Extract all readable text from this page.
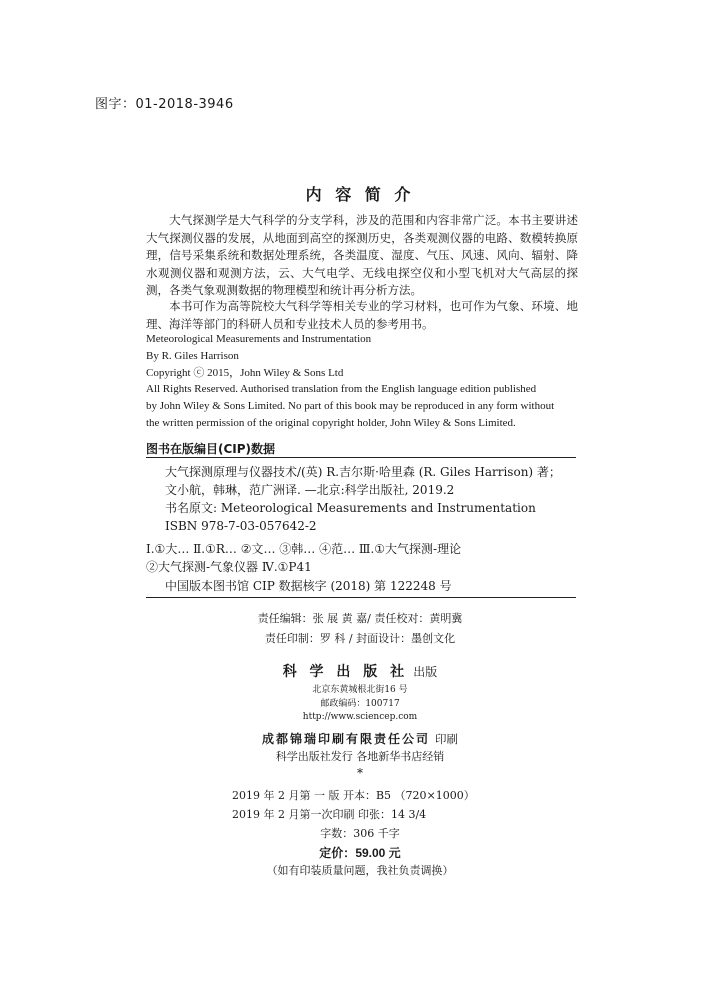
图字：01-2018-3946
内 容 简 介
大气探测学是大气科学的分支学科，涉及的范围和内容非常广泛。本书主要讲述大气探测仪器的发展，从地面到高空的探测历史，各类观测仪器的电路、数模转换原理，信号采集系统和数据处理系统，各类温度、湿度、气压、风速、风向、辐射、降水观测仪器和观测方法，云、大气电学、无线电探空仪和小型飞机对大气高层的探测，各类气象观测数据的物理模型和统计再分析方法。
本书可作为高等院校大气科学等相关专业的学习材料，也可作为气象、环境、地理、海洋等部门的科研人员和专业技术人员的参考用书。
Meteorological Measurements and Instrumentation
By R. Giles Harrison
Copyright ⓒ 2015，John Wiley & Sons Ltd
All Rights Reserved. Authorised translation from the English language edition published
by John Wiley & Sons Limited. No part of this book may be reproduced in any form without
the written permission of the original copyright holder, John Wiley & Sons Limited.
图书在版编目(CIP)数据
大气探测原理与仪器技术/(英) R.吉尔斯·哈里森 (R. Giles Harrison) 著；
文小航，韩琳，范广洲译. —北京:科学出版社, 2019.2
书名原文: Meteorological Measurements and Instrumentation
ISBN 978-7-03-057642-2
Ⅰ.①大… Ⅱ.①R… ②文… ③韩… ④范… Ⅲ.①大气探测-理论
②大气探测-气象仪器 Ⅳ.①P41
中国版本图书馆 CIP 数据核字 (2018) 第 122248 号
责任编辑：张 展 黄 嘉/ 责任校对：黄明冀
责任印制：罗 科 / 封面设计：墨创文化
科 学 出 版 社 出版
北京东黄城根北街16 号
邮政编码：100717
http://www.sciencep.com
成都锦瑞印刷有限责任公司 印刷
科学出版社发行 各地新华书店经销
*
2019 年 2 月第 一 版 开本：B5 （720×1000）
2019 年 2 月第一次印刷 印张：14 3/4
字数：306 千字
定价：59.00 元
（如有印装质量问题，我社负责调换）
